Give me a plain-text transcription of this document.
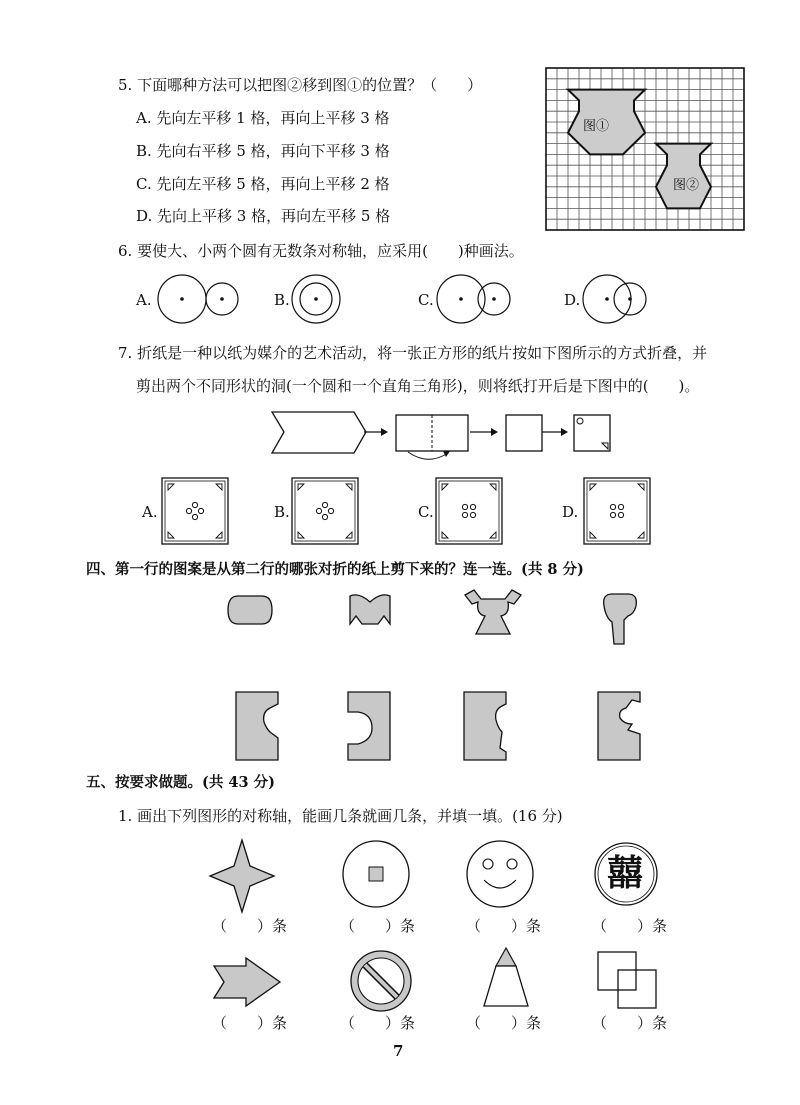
5. 下面哪种方法可以把图②移到图①的位置？（　　）
A. 先向左平移 1 格，再向上平移 3 格
B. 先向右平移 5 格，再向下平移 3 格
C. 先向左平移 5 格，再向上平移 2 格
D. 先向上平移 3 格，再向左平移 5 格
图①
图②
6. 要使大、小两个圆有无数条对称轴，应采用(　　)种画法。
A.	B.	C.	D.
7. 折纸是一种以纸为媒介的艺术活动，将一张正方形的纸片按如下图所示的方式折叠，并
剪出两个不同形状的洞(一个圆和一个直角三角形)，则将纸打开后是下图中的(　　)。
A.	B.	C.	D.
四、第一行的图案是从第二行的哪张对折的纸上剪下来的？连一连。(共 8 分)
五、按要求做题。(共 43 分)
1. 画出下列图形的对称轴，能画几条就画几条，并填一填。(16 分)
囍
（　　）条	（　　）条	（　　）条	（　　）条
（　　）条	（　　）条	（　　）条	（　　）条
7
